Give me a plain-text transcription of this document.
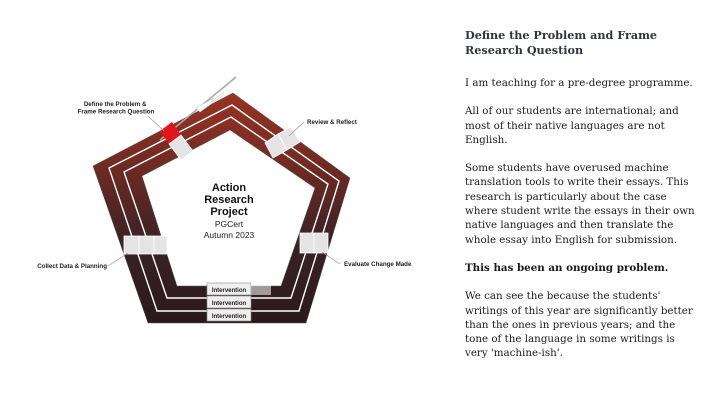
Intervention
Intervention
Intervention
Define the Problem & Frame Research Question
Review & Reflect
Collect Data & Planning	Evaluate Change Made
Action
Research
Project
PGCert
Autumn 2023
Define the Problem and Frame Research Question

I am teaching for a pre-degree programme.

All of our students are international; and most of their native languages are not English.

Some students have overused machine translation tools to write their essays. This research is particularly about the case where student write the essays in their own native languages and then translate the whole essay into English for submission.

This has been an ongoing problem.

We can see the because the students' writings of this year are significantly better than the ones in previous years; and the tone of the language in some writings is very 'machine-ish'.
